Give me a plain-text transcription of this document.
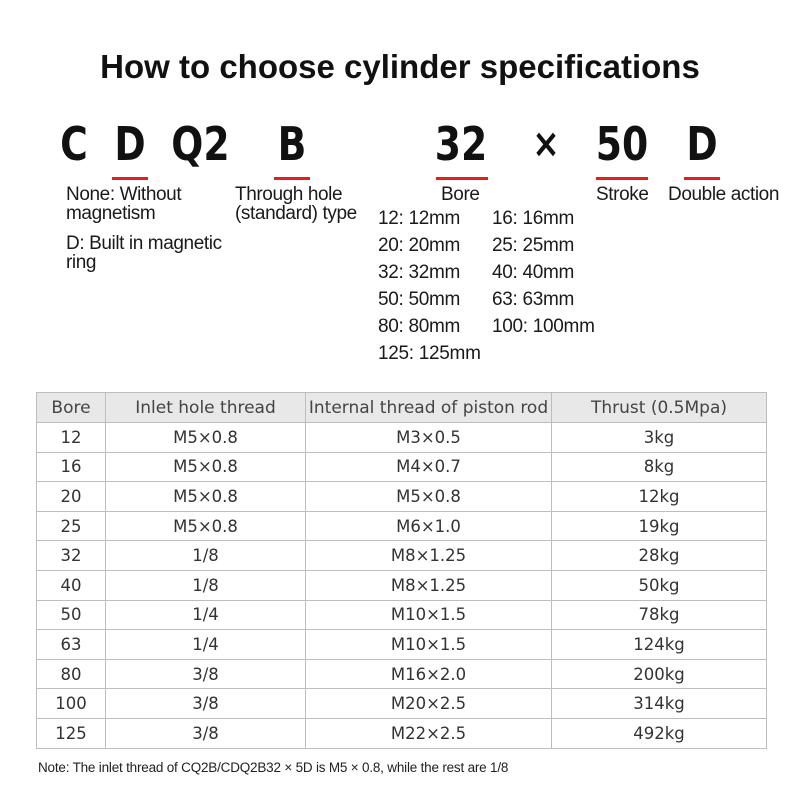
How to choose cylinder specifications
C D Q2 B	32 × 50 D
None: Without magnetism
D: Built in magnetic ring
Through hole (standard) type
Bore	Stroke Double action
12: 12mm 16: 16mm
20: 20mm 25: 25mm
32: 32mm 40: 40mm
50: 50mm 63: 63mm
80: 80mm 100: 100mm
125: 125mm
Bore	Inlet hole thread	Internal thread of piston rod	Thrust (0.5Mpa)
12	M5×0.8	M3×0.5	3kg
16	M5×0.8	M4×0.7	8kg
20	M5×0.8	M5×0.8	12kg
25	M5×0.8	M6×1.0	19kg
32	1/8	M8×1.25	28kg
40	1/8	M8×1.25	50kg
50	1/4	M10×1.5	78kg
63	1/4	M10×1.5	124kg
80	3/8	M16×2.0	200kg
100	3/8	M20×2.5	314kg
125	3/8	M22×2.5	492kg
Note: The inlet thread of CQ2B/CDQ2B32 × 5D is M5 × 0.8, while the rest are 1/8
